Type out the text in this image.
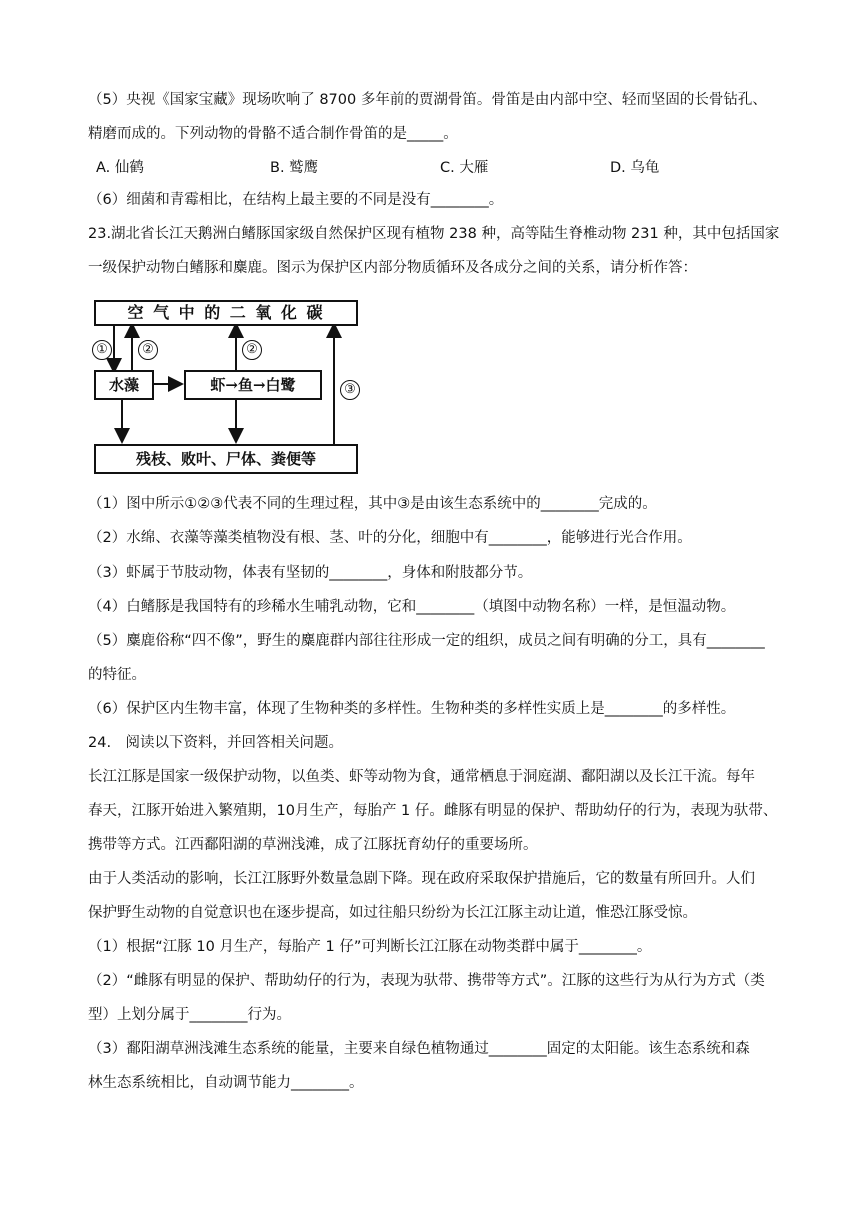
（5）央视《国家宝藏》现场吹响了 8700 多年前的贾湖骨笛。骨笛是由内部中空、轻而坚固的长骨钻孔、
精磨而成的。下列动物的骨骼不适合制作骨笛的是_____。
A. 仙鹤	B. 鹫鹰	C. 大雁	D. 乌龟
（6）细菌和青霉相比，在结构上最主要的不同是没有________。
23.湖北省长江天鹅洲白鳍豚国家级自然保护区现有植物 238 种，高等陆生脊椎动物 231 种，其中包括国家
一级保护动物白鳍豚和麋鹿。图示为保护区内部分物质循环及各成分之间的关系，请分析作答：
空 气 中 的 二 氧 化 碳
水藻	虾→鱼→白鹭
残枝、败叶、尸体、粪便等
①	②	②
③
（1）图中所示①②③代表不同的生理过程，其中③是由该生态系统中的________完成的。
（2）水绵、衣藻等藻类植物没有根、茎、叶的分化，细胞中有________，能够进行光合作用。
（3）虾属于节肢动物，体表有坚韧的________，身体和附肢都分节。
（4）白鳍豚是我国特有的珍稀水生哺乳动物，它和________（填图中动物名称）一样，是恒温动物。
（5）麋鹿俗称“四不像”，野生的麋鹿群内部往往形成一定的组织，成员之间有明确的分工，具有________
的特征。
（6）保护区内生物丰富，体现了生物种类的多样性。生物种类的多样性实质上是________的多样性。
24.　阅读以下资料，并回答相关问题。
长江江豚是国家一级保护动物，以鱼类、虾等动物为食，通常栖息于洞庭湖、鄱阳湖以及长江干流。每年
春天，江豚开始进入繁殖期，10月生产，每胎产 1 仔。雌豚有明显的保护、帮助幼仔的行为，表现为驮带、
携带等方式。江西鄱阳湖的草洲浅滩，成了江豚抚育幼仔的重要场所。
由于人类活动的影响，长江江豚野外数量急剧下降。现在政府采取保护措施后，它的数量有所回升。人们
保护野生动物的自觉意识也在逐步提高，如过往船只纷纷为长江江豚主动让道，惟恐江豚受惊。
（1）根据“江豚 10 月生产，每胎产 1 仔”可判断长江江豚在动物类群中属于________。
（2）“雌豚有明显的保护、帮助幼仔的行为，表现为驮带、携带等方式”。江豚的这些行为从行为方式（类
型）上划分属于________行为。
（3）鄱阳湖草洲浅滩生态系统的能量，主要来自绿色植物通过________固定的太阳能。该生态系统和森
林生态系统相比，自动调节能力________。
